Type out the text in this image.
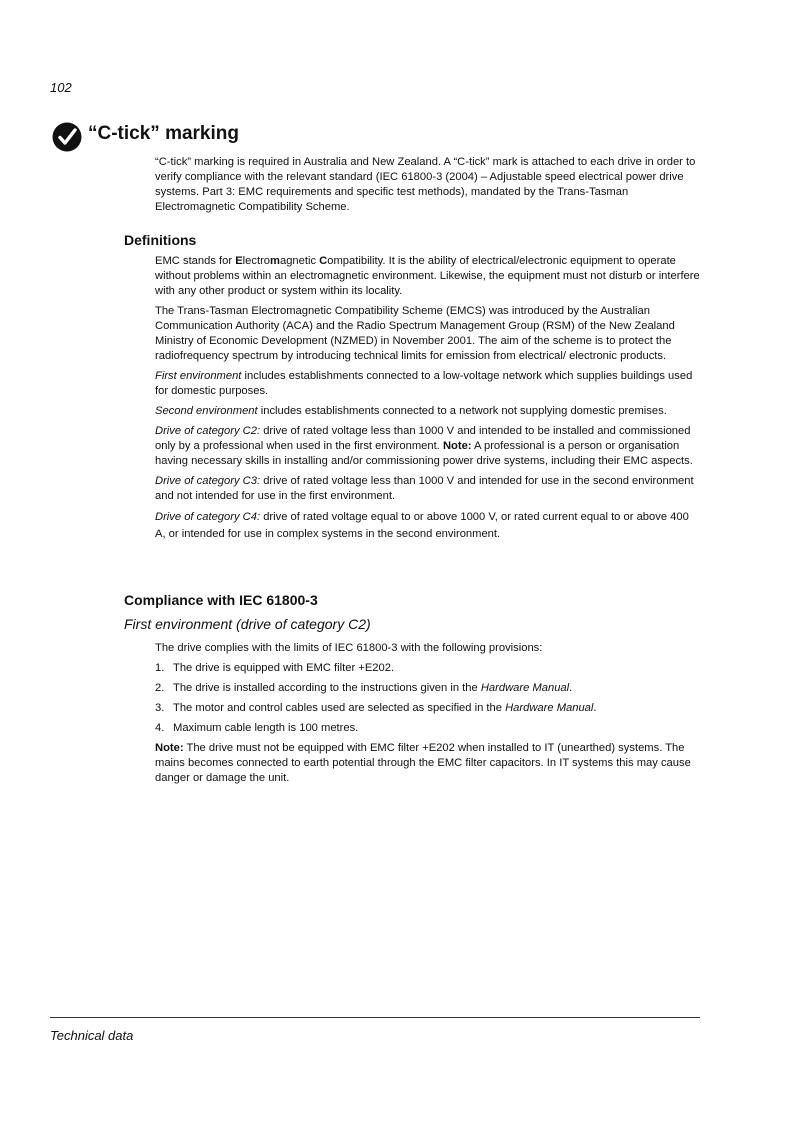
102
“C-tick” marking

“C-tick” marking is required in Australia and New Zealand. A “C-tick” mark is attached to each drive in order to verify compliance with the relevant standard (IEC 61800-3 (2004) – Adjustable speed electrical power drive systems. Part 3: EMC requirements and specific test methods), mandated by the Trans-Tasman Electromagnetic Compatibility Scheme.

Definitions

EMC stands for Electromagnetic Compatibility. It is the ability of electrical/electronic equipment to operate without problems within an electromagnetic environment. Likewise, the equipment must not disturb or interfere with any other product or system within its locality.

The Trans-Tasman Electromagnetic Compatibility Scheme (EMCS) was introduced by the Australian Communication Authority (ACA) and the Radio Spectrum Management Group (RSM) of the New Zealand Ministry of Economic Development (NZMED) in November 2001. The aim of the scheme is to protect the radiofrequency spectrum by introducing technical limits for emission from electrical/ electronic products.

First environment includes establishments connected to a low-voltage network which supplies buildings used for domestic purposes.

Second environment includes establishments connected to a network not supplying domestic premises.

Drive of category C2: drive of rated voltage less than 1000 V and intended to be installed and commissioned only by a professional when used in the first environment. Note: A professional is a person or organisation having necessary skills in installing and/or commissioning power drive systems, including their EMC aspects.

Drive of category C3: drive of rated voltage less than 1000 V and intended for use in the second environment and not intended for use in the first environment.

Drive of category C4: drive of rated voltage equal to or above 1000 V, or rated current equal to or above 400 A, or intended for use in complex systems in the second environment.

Compliance with IEC 61800-3
First environment (drive of category C2)

The drive complies with the limits of IEC 61800-3 with the following provisions:

1. The drive is equipped with EMC filter +E202.
2. The drive is installed according to the instructions given in the Hardware Manual.
3. The motor and control cables used are selected as specified in the Hardware Manual.
4. Maximum cable length is 100 metres.

Note: The drive must not be equipped with EMC filter +E202 when installed to IT (unearthed) systems. The mains becomes connected to earth potential through the EMC filter capacitors. In IT systems this may cause danger or damage the unit.

Technical data
